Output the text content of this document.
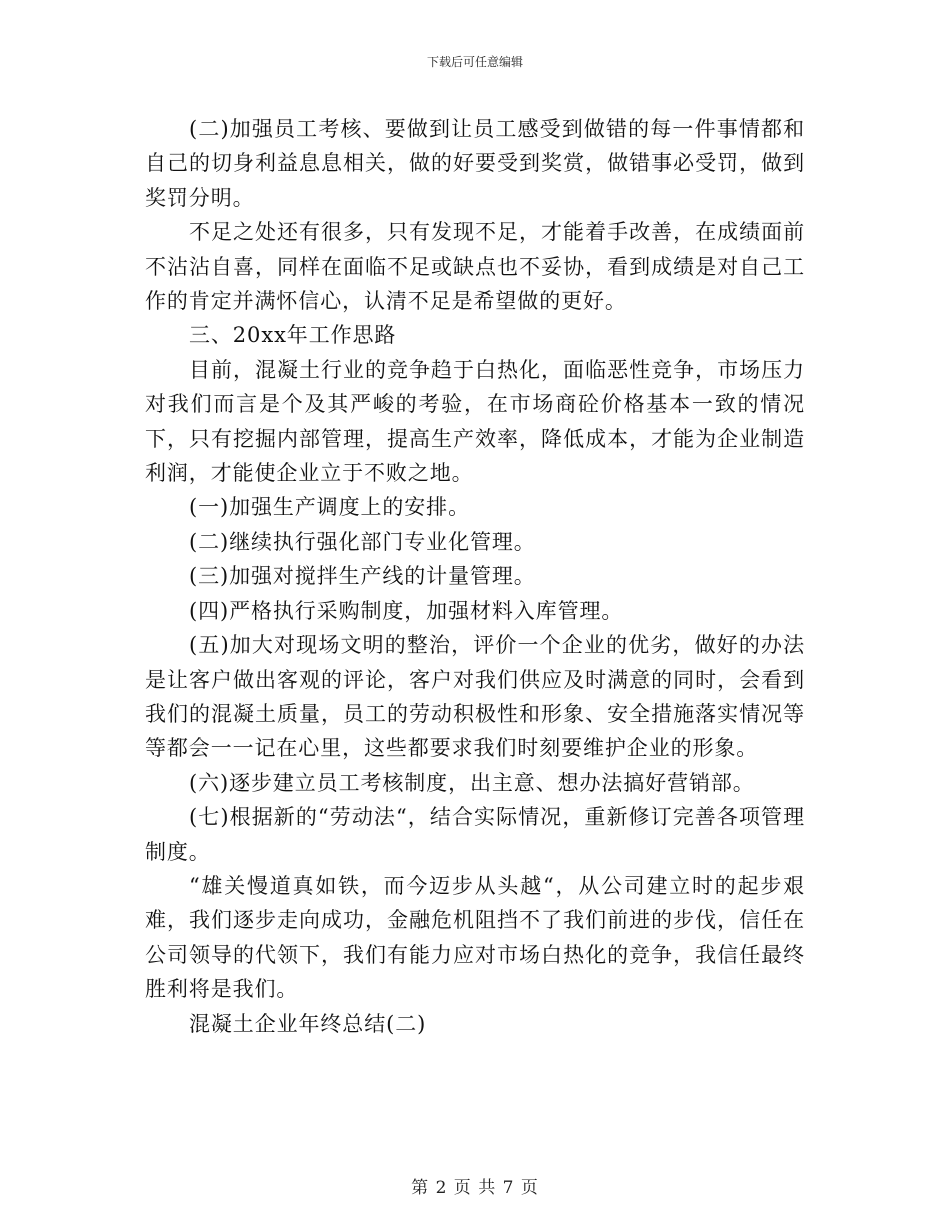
下载后可任意编辑

(二)加强员工考核、要做到让员工感受到做错的每一件事情都和自己的切身利益息息相关，做的好要受到奖赏，做错事必受罚，做到奖罚分明。

不足之处还有很多，只有发现不足，才能着手改善，在成绩面前不沾沾自喜，同样在面临不足或缺点也不妥协，看到成绩是对自己工作的肯定并满怀信心，认清不足是希望做的更好。

三、20xx年工作思路

目前，混凝土行业的竞争趋于白热化，面临恶性竞争，市场压力对我们而言是个及其严峻的考验，在市场商砼价格基本一致的情况下，只有挖掘内部管理，提高生产效率，降低成本，才能为企业制造利润，才能使企业立于不败之地。

(一)加强生产调度上的安排。

(二)继续执行强化部门专业化管理。

(三)加强对搅拌生产线的计量管理。

(四)严格执行采购制度，加强材料入库管理。

(五)加大对现场文明的整治，评价一个企业的优劣，做好的办法是让客户做出客观的评论，客户对我们供应及时满意的同时，会看到我们的混凝土质量，员工的劳动积极性和形象、安全措施落实情况等等都会一一记在心里，这些都要求我们时刻要维护企业的形象。

(六)逐步建立员工考核制度，出主意、想办法搞好营销部。

(七)根据新的“劳动法“，结合实际情况，重新修订完善各项管理制度。

“雄关慢道真如铁，而今迈步从头越“，从公司建立时的起步艰难，我们逐步走向成功，金融危机阻挡不了我们前进的步伐，信任在公司领导的代领下，我们有能力应对市场白热化的竞争，我信任最终胜利将是我们。

混凝土企业年终总结(二)

第 2 页 共 7 页
